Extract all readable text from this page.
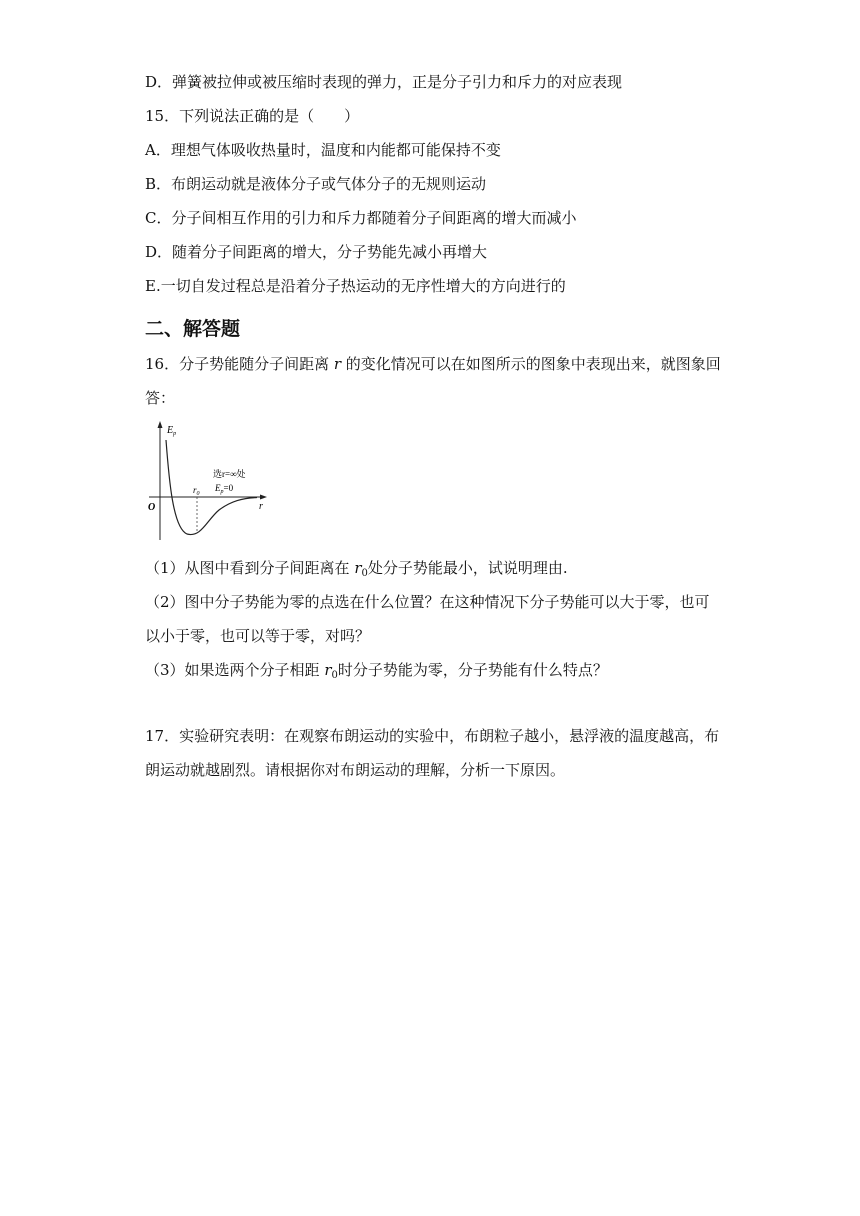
D．弹簧被拉伸或被压缩时表现的弹力，正是分子引力和斥力的对应表现
15．下列说法正确的是（　　）
A．理想气体吸收热量时，温度和内能都可能保持不变
B．布朗运动就是液体分子或气体分子的无规则运动
C．分子间相互作用的引力和斥力都随着分子间距离的增大而减小
D．随着分子间距离的增大，分子势能先减小再增大
E.一切自发过程总是沿着分子热运动的无序性增大的方向进行的
二、解答题
16．分子势能随分子间距离 r 的变化情况可以在如图所示的图象中表现出来，就图象回
答：
$E_p$
r
O
$r_0$
选r=∞处
$E_p=0$
（1）从图中看到分子间距离在 $r_0$处分子势能最小，试说明理由.
（2）图中分子势能为零的点选在什么位置？在这种情况下分子势能可以大于零，也可
以小于零，也可以等于零，对吗？
（3）如果选两个分子相距 $r_0$时分子势能为零，分子势能有什么特点？
17．实验研究表明：在观察布朗运动的实验中，布朗粒子越小，悬浮液的温度越高，布
朗运动就越剧烈。请根据你对布朗运动的理解，分析一下原因。
